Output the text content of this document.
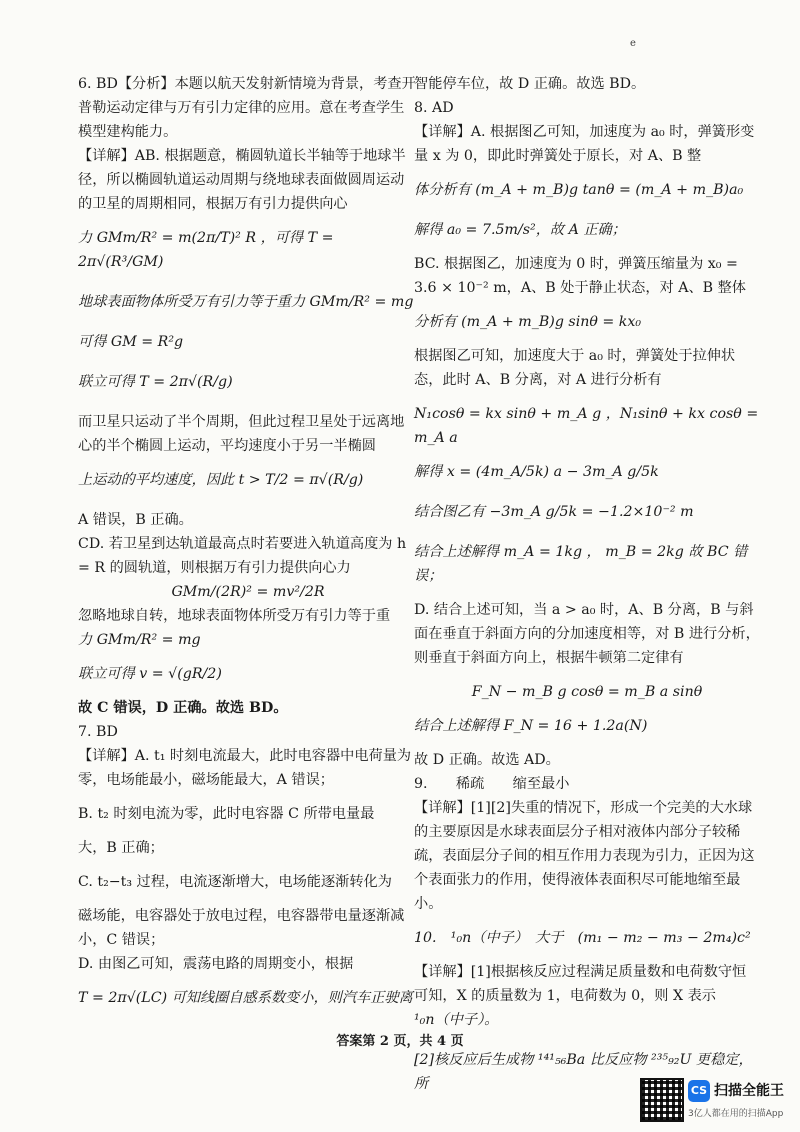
e

6. BD【分析】本题以航天发射新情境为背景，考查开普勒运动定律与万有引力定律的应用。意在考查学生模型建构能力。

【详解】AB. 根据题意，椭圆轨道长半轴等于地球半径，所以椭圆轨道运动周期与绕地球表面做圆周运动的卫星的周期相同，根据万有引力提供向心

力 GMm/R² = m(2π/T)² R ，可得 T = 2π√(R³/GM)

地球表面物体所受万有引力等于重力 GMm/R² = mg

可得 GM = R²g

联立可得 T = 2π√(R/g)

而卫星只运动了半个周期，但此过程卫星处于远离地心的半个椭圆上运动，平均速度小于另一半椭圆

上运动的平均速度，因此 t > T/2 = π√(R/g)

A 错误，B 正确。

CD. 若卫星到达轨道最高点时若要进入轨道高度为 h = R 的圆轨道，则根据万有引力提供向心力

GMm/(2R)² = mv²/2R

忽略地球自转，地球表面物体所受万有引力等于重

力 GMm/R² = mg

联立可得 v = √(gR/2)

故 C 错误，D 正确。故选 BD。

7. BD

【详解】A. t₁ 时刻电流最大，此时电容器中电荷量为零，电场能最小，磁场能最大，A 错误；

B. t₂ 时刻电流为零，此时电容器 C 所带电量最

大，B 正确；

C. t₂−t₃ 过程，电流逐渐增大，电场能逐渐转化为

磁场能，电容器处于放电过程，电容器带电量逐渐减小，C 错误；

D. 由图乙可知，震荡电路的周期变小，根据

T = 2π√(LC) 可知线圈自感系数变小，则汽车正驶离

智能停车位，故 D 正确。故选 BD。

8. AD

【详解】A. 根据图乙可知，加速度为 a₀ 时，弹簧形变量 x 为 0，即此时弹簧处于原长，对 A、B 整

体分析有 (m_A + m_B)g tanθ = (m_A + m_B)a₀

解得 a₀ = 7.5m/s²，故 A 正确；

BC. 根据图乙，加速度为 0 时，弹簧压缩量为 x₀ = 3.6 × 10⁻² m，A、B 处于静止状态，对 A、B 整体

分析有 (m_A + m_B)g sinθ = kx₀

根据图乙可知，加速度大于 a₀ 时，弹簧处于拉伸状态，此时 A、B 分离，对 A 进行分析有

N₁cosθ = kx sinθ + m_A g ，N₁sinθ + kx cosθ = m_A a

解得 x = (4m_A/5k) a − 3m_A g/5k

结合图乙有 −3m_A g/5k = −1.2×10⁻² m

结合上述解得 m_A = 1kg ， m_B = 2kg 故 BC 错误；

D. 结合上述可知，当 a > a₀ 时，A、B 分离，B 与斜面在垂直于斜面方向的分加速度相等，对 B 进行分析，则垂直于斜面方向上，根据牛顿第二定律有

F_N − m_B g cosθ = m_B a sinθ

结合上述解得 F_N = 16 + 1.2a(N)

故 D 正确。故选 AD。

9.　　稀疏　　缩至最小

【详解】[1][2]失重的情况下，形成一个完美的大水球的主要原因是水球表面层分子相对液体内部分子较稀疏，表面层分子间的相互作用力表现为引力，正因为这个表面张力的作用，使得液体表面积尽可能地缩至最小。

10.　¹₀n（中子）　大于　(m₁ − m₂ − m₃ − 2m₄)c²

【详解】[1]根据核反应过程满足质量数和电荷数守恒可知，X 的质量数为 1，电荷数为 0，则 X 表示

¹₀n（中子）。

[2]核反应后生成物 ¹⁴¹₅₆Ba 比反应物 ²³⁵₉₂U 更稳定，所

答案第 2 页，共 4 页
CS 扫描全能王
3亿人都在用的扫描App
